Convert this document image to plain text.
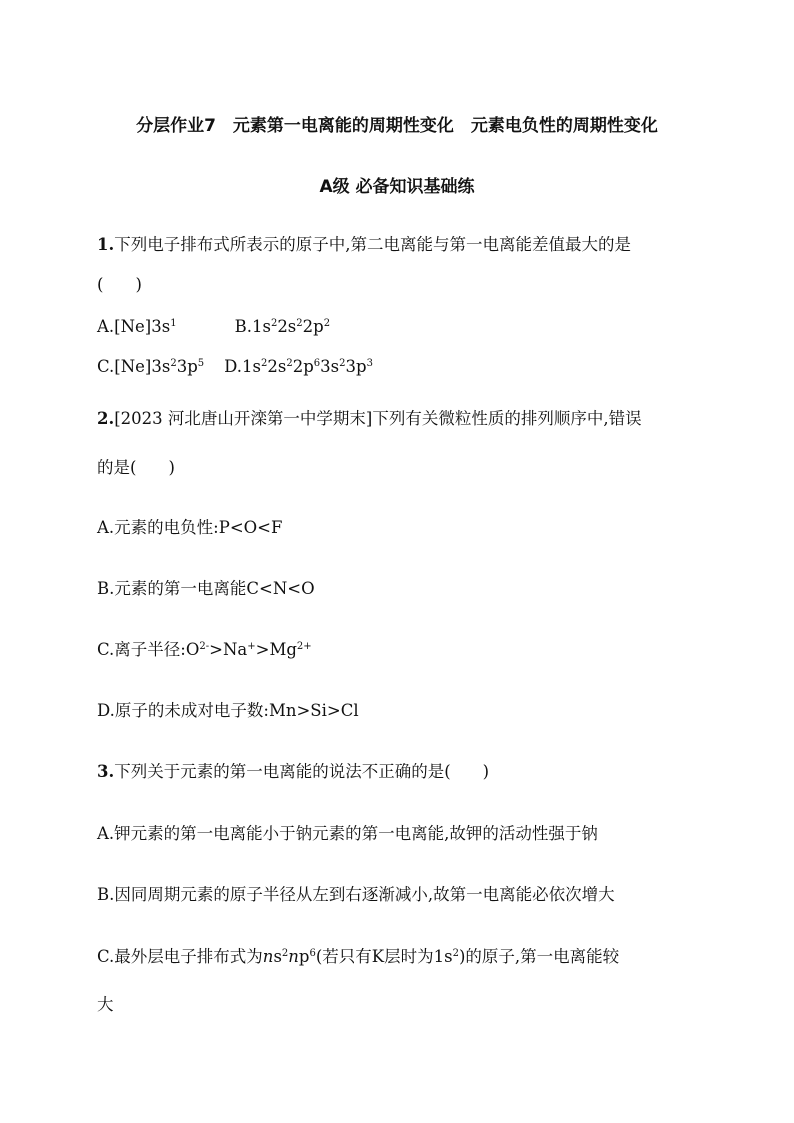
分层作业7　元素第一电离能的周期性变化　元素电负性的周期性变化
A级 必备知识基础练
1.下列电子排布式所表示的原子中,第二电离能与第一电离能差值最大的是
( )
$A.[Ne]3s^1$	$B.1s^22s^22p^2$
$C.[Ne]3s^23p^5$ $D.1s^22s^22p^63s^23p^3$
2.[2023 河北唐山开滦第一中学期末]下列有关微粒性质的排列顺序中,错误
的是( )
A.元素的电负性:P<O<F
B.元素的第一电离能C<N<O
C.离子半径$:O^{2-}>Na^+>Mg^{2+}$
D.原子的未成对电子数:Mn>Si>Cl
3.下列关于元素的第一电离能的说法不正确的是( )
A.钾元素的第一电离能小于钠元素的第一电离能,故钾的活动性强于钠
B.因同周期元素的原子半径从左到右逐渐减小,故第一电离能必依次增大
C.最外层电子排布式为$ns^2np^6$(若只有K层时为$1s^2$)的原子,第一电离能较
大
